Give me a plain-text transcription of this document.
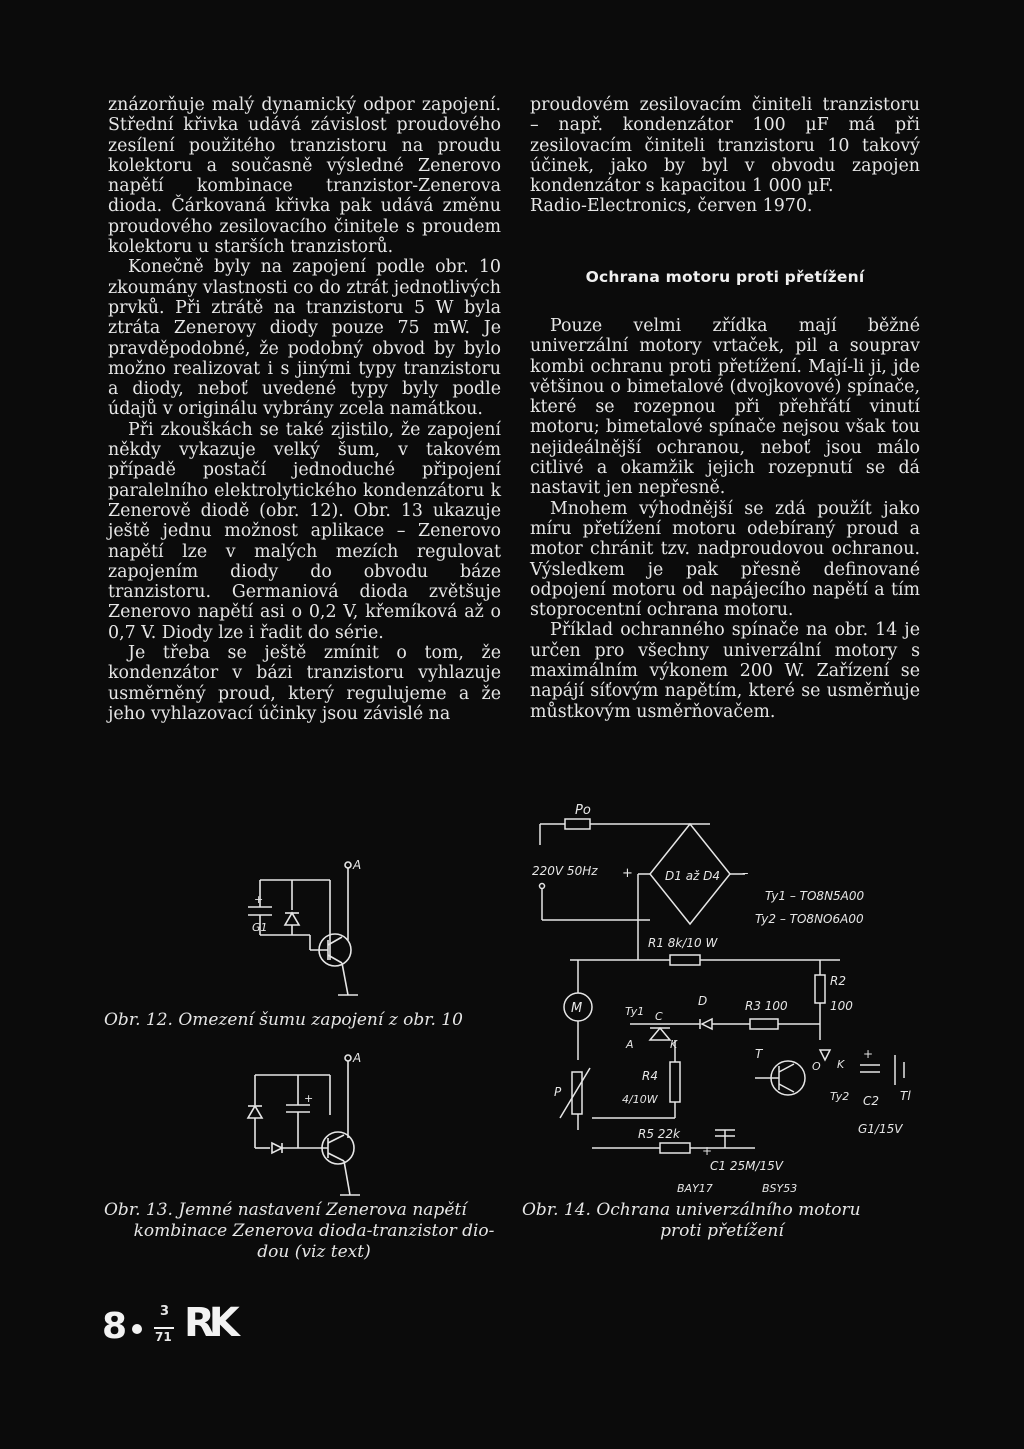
znázorňuje malý dynamický odpor zapojení. Střední křivka udává závislost proudového zesílení použitého tranzistoru na proudu kolektoru a současně výsledné Zenerovo napětí kombinace tranzistor-Zenerova dioda. Čárkovaná křivka pak udává změnu proudového zesilovacího činitele s proudem kolektoru u starších tranzistorů.

Konečně byly na zapojení podle obr. 10 zkoumány vlastnosti co do ztrát jednotlivých prvků. Při ztrátě na tranzistoru 5 W byla ztráta Zenerovy diody pouze 75 mW. Je pravděpodobné, že podobný obvod by bylo možno realizovat i s jinými typy tranzistoru a diody, neboť uvedené typy byly podle údajů v originálu vybrány zcela namátkou.

Při zkouškách se také zjistilo, že zapojení někdy vykazuje velký šum, v takovém případě postačí jednoduché připojení paralelního elektrolytického kondenzátoru k Zenerově diodě (obr. 12). Obr. 13 ukazuje ještě jednu možnost aplikace – Zenerovo napětí lze v malých mezích regulovat zapojením diody do obvodu báze tranzistoru. Germaniová dioda zvětšuje Zenerovo napětí asi o 0,2 V, křemíková až o 0,7 V. Diody lze i řadit do série.

Je třeba se ještě zmínit o tom, že kondenzátor v bázi tranzistoru vyhlazuje usměrněný proud, který regulujeme a že jeho vyhlazovací účinky jsou závislé na

proudovém zesilovacím činiteli tranzistoru – např. kondenzátor 100 µF má při zesilovacím činiteli tranzistoru 10 takový účinek, jako by byl v obvodu zapojen kondenzátor s kapacitou 1 000 µF.

Radio-Electronics, červen 1970.

Ochrana motoru proti přetížení

Pouze velmi zřídka mají běžné univerzální motory vrtaček, pil a souprav kombi ochranu proti přetížení. Mají-li ji, jde většinou o bimetalové (dvojkovové) spínače, které se rozepnou při přehřátí vinutí motoru; bimetalové spínače nejsou však tou nejideálnější ochranou, neboť jsou málo citlivé a okamžik jejich rozepnutí se dá nastavit jen nepřesně.

Mnohem výhodnější se zdá použít jako míru přetížení motoru odebíraný proud a motor chránit tzv. nadproudovou ochranou. Výsledkem je pak přesně definované odpojení motoru od napájecího napětí a tím stoprocentní ochrana motoru.

Příklad ochranného spínače na obr. 14 je určen pro všechny univerzální motory s maximálním výkonem 200 W. Zařízení se napájí síťovým napětím, které se usměrňuje můstkovým usměrňovačem.

A
G1
+
Obr. 12. Omezení šumu zapojení z obr. 10
A
+
Obr. 13. Jemné nastavení Zenerova napětí
kombinace Zenerova dioda-tranzistor dio-
dou (viz text)
Po
220V 50Hz +	D1 až D4 –
Ty1 – TO8N5A00
Ty2 – TO8NO6A00
R1 8k/10 W
M
R2
100
D	R3 100
Ty1 C
A	K
T
O K
Ty2 C2
+
Tl
G1/15V
P
R4
4/10W
R5 22k
+
C1 25M/15V
BAY17	BSY53
Obr. 14. Ochrana univerzálního motoru
proti přetížení
8	3
71 RK
